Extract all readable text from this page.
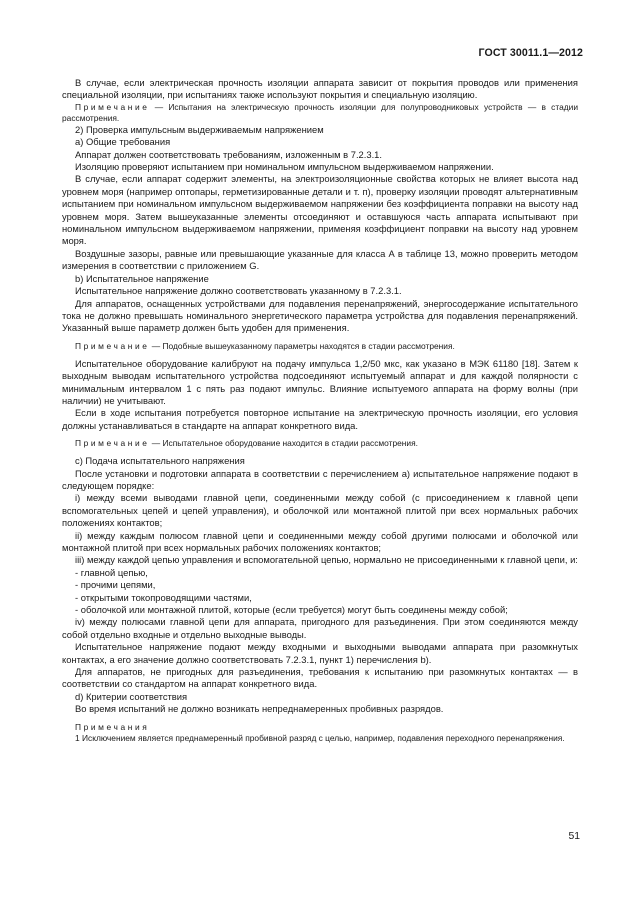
ГОСТ 30011.1—2012

В случае, если электрическая прочность изоляции аппарата зависит от покрытия проводов или применения специальной изоляции, при испытаниях также используют покрытия и специальную изоляцию.

Примечание — Испытания на электрическую прочность изоляции для полупроводниковых устройств — в стадии рассмотрения.

2) Проверка импульсным выдерживаемым напряжением

a) Общие требования

Аппарат должен соответствовать требованиям, изложенным в 7.2.3.1.

Изоляцию проверяют испытанием при номинальном импульсном выдерживаемом напряжении.

В случае, если аппарат содержит элементы, на электроизоляционные свойства которых не влияет высота над уровнем моря (например оптопары, герметизированные детали и т. п), проверку изоляции проводят альтернативным испытанием при номинальном импульсном выдерживаемом напряжении без коэффициента поправки на высоту над уровнем моря. Затем вышеуказанные элементы отсоединяют и оставшуюся часть аппарата испытывают при номинальном импульсном выдерживаемом напряжении, применяя коэффициент поправки на высоту над уровнем моря.

Воздушные зазоры, равные или превышающие указанные для класса А в таблице 13, можно проверить методом измерения в соответствии с приложением G.

b) Испытательное напряжение

Испытательное напряжение должно соответствовать указанному в 7.2.3.1.

Для аппаратов, оснащенных устройствами для подавления перенапряжений, энергосодержание испытательного тока не должно превышать номинального энергетического параметра устройства для подавления перенапряжений. Указанный выше параметр должен быть удобен для применения.

Примечание — Подобные вышеуказанному параметры находятся в стадии рассмотрения.

Испытательное оборудование калибруют на подачу импульса 1,2/50 мкс, как указано в МЭК 61180 [18]. Затем к выходным выводам испытательного устройства подсоединяют испытуемый аппарат и для каждой полярности с минимальным интервалом 1 с пять раз подают импульс. Влияние испытуемого аппарата на форму волны (при наличии) не учитывают.

Если в ходе испытания потребуется повторное испытание на электрическую прочность изоляции, его условия должны устанавливаться в стандарте на аппарат конкретного вида.

Примечание — Испытательное оборудование находится в стадии рассмотрения.

c) Подача испытательного напряжения

После установки и подготовки аппарата в соответствии с перечислением а) испытательное напряжение подают в следующем порядке:

i) между всеми выводами главной цепи, соединенными между собой (с присоединением к главной цепи вспомогательных цепей и цепей управления), и оболочкой или монтажной плитой при всех нормальных рабочих положениях контактов;

ii) между каждым полюсом главной цепи и соединенными между собой другими полюсами и оболочкой или монтажной плитой при всех нормальных рабочих положениях контактов;

iii) между каждой цепью управления и вспомогательной цепью, нормально не присоединенными к главной цепи, и:

- главной цепью,

- прочими цепями,

- открытыми токопроводящими частями,

- оболочкой или монтажной плитой, которые (если требуется) могут быть соединены между собой;

iv) между полюсами главной цепи для аппарата, пригодного для разъединения. При этом соединяются между собой отдельно входные и отдельно выходные выводы.

Испытательное напряжение подают между входными и выходными выводами аппарата при разомкнутых контактах, а его значение должно соответствовать 7.2.3.1, пункт 1) перечисления b).

Для аппаратов, не пригодных для разъединения, требования к испытанию при разомкнутых контактах — в соответствии со стандартом на аппарат конкретного вида.

d) Критерии соответствия

Во время испытаний не должно возникать непреднамеренных пробивных разрядов.

Примечания

1 Исключением является преднамеренный пробивной разряд с целью, например, подавления переходного перенапряжения.

51
